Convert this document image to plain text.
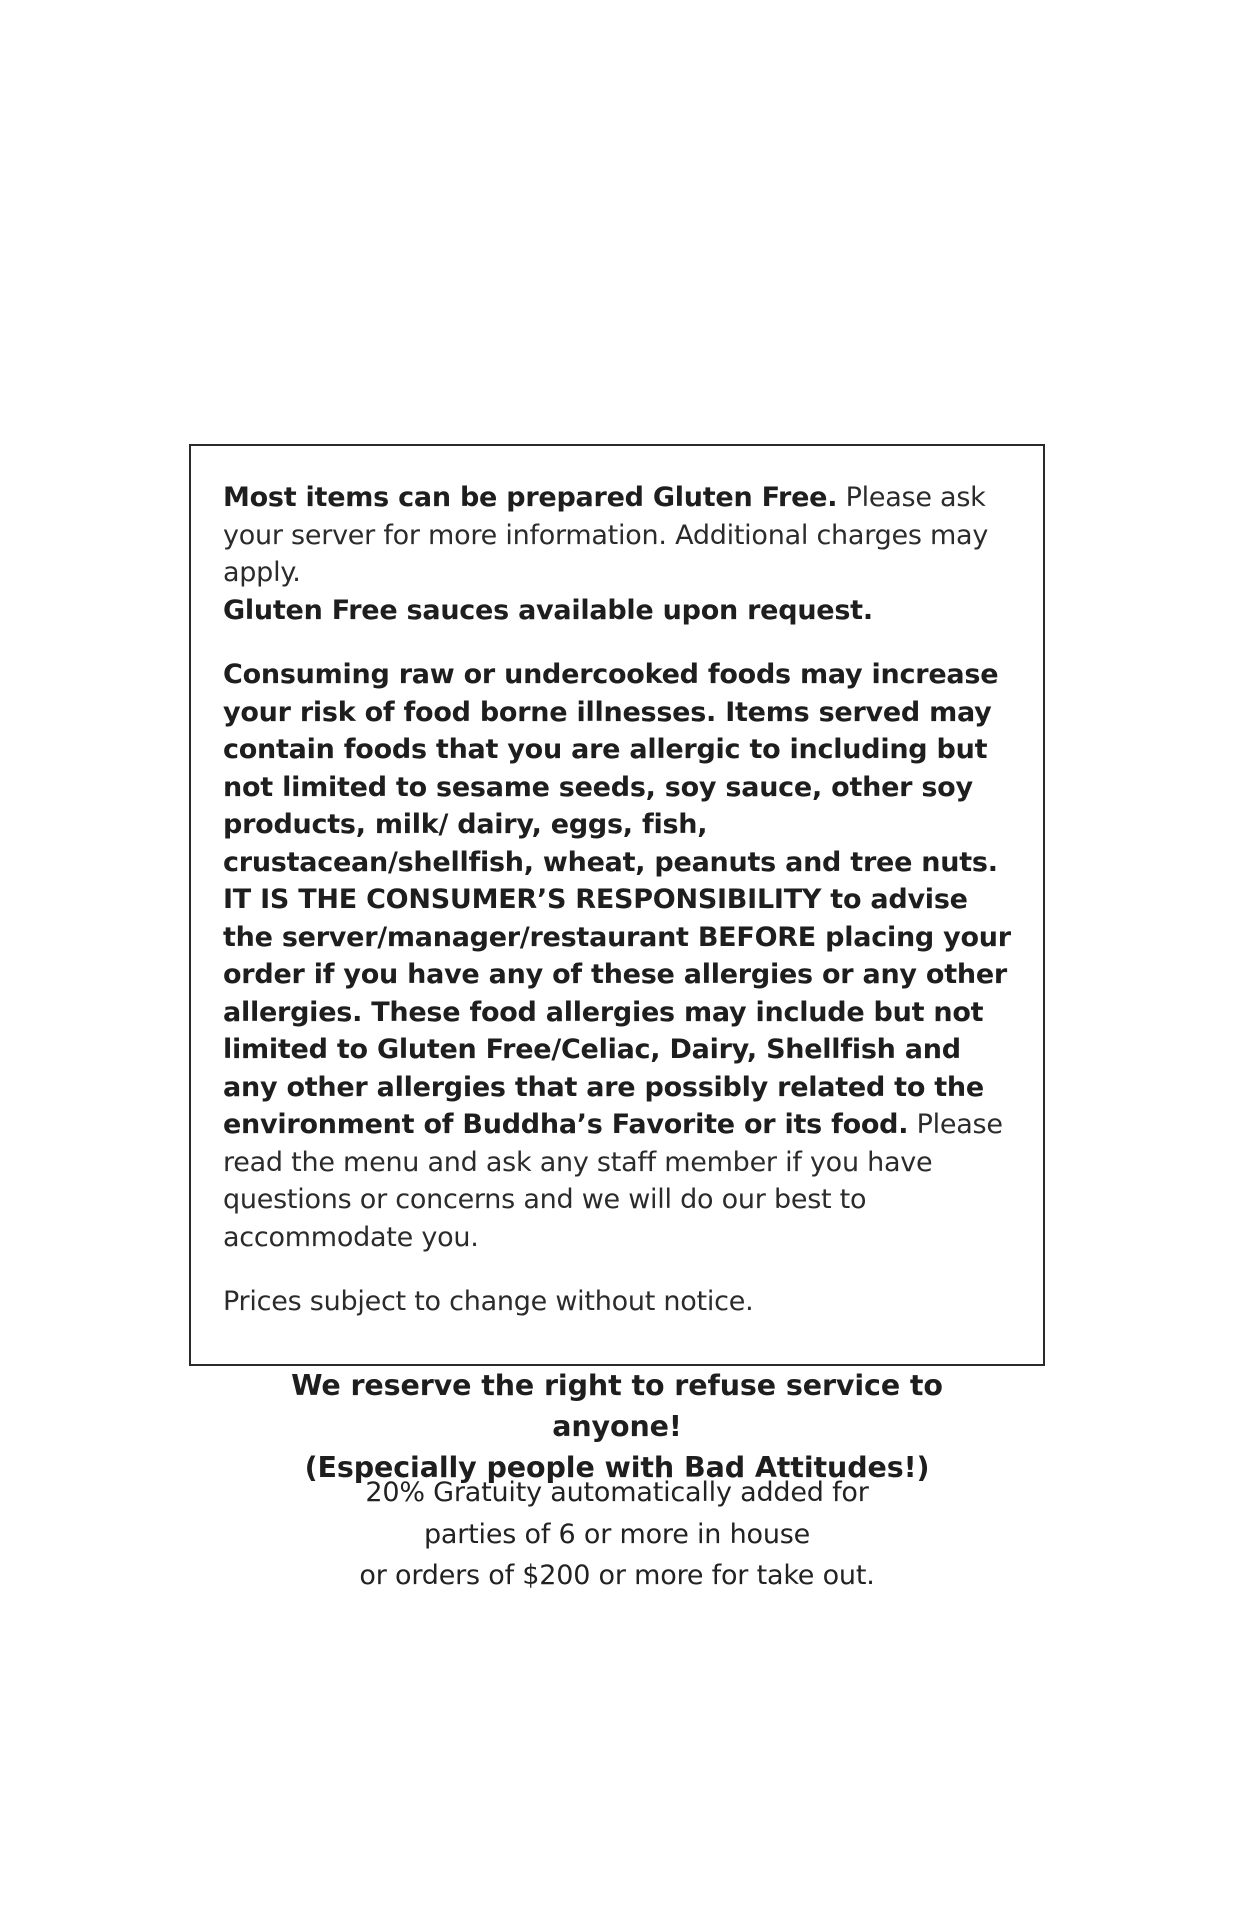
Most items can be prepared Gluten Free. Please ask your server for more information. Additional charges may apply.
Gluten Free sauces available upon request.

Consuming raw or undercooked foods may increase your risk of food borne illnesses. Items served may contain foods that you are allergic to including but not limited to sesame seeds, soy sauce, other soy products, milk/ dairy, eggs, fish, crustacean/shellfish, wheat, peanuts and tree nuts. IT IS THE CONSUMER’S RESPONSIBILITY to advise the server/manager/restaurant BEFORE placing your order if you have any of these allergies or any other allergies. These food allergies may include but not limited to Gluten Free/Celiac, Dairy, Shellfish and any other allergies that are possibly related to the environment of Buddha’s Favorite or its food. Please read the menu and ask any staff member if you have questions or concerns and we will do our best to accommodate you.

Prices subject to change without notice.

We reserve the right to refuse service to anyone!
(Especially people with Bad Attitudes!)

20% Gratuity automatically added for
parties of 6 or more in house
or orders of $200 or more for take out.
